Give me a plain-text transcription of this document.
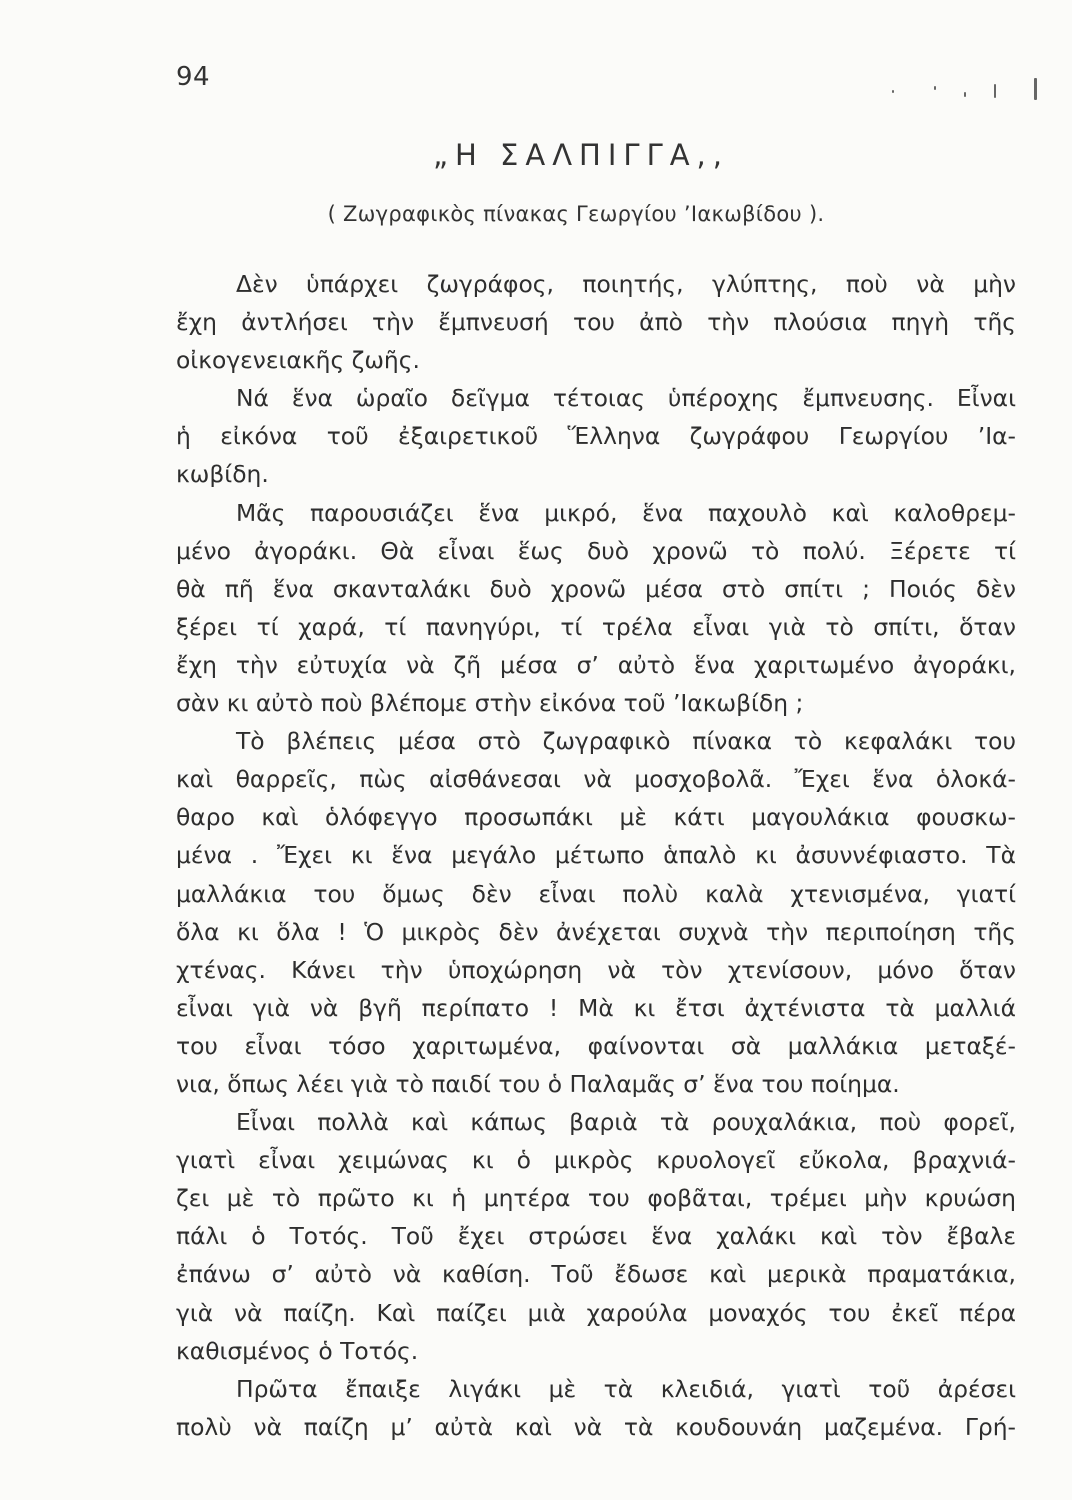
94
„Η ΣΑΛΠΙΓΓΑ,,
( Ζωγραφικὸς πίνακας Γεωργίου ’Ιακωβίδου ).
Δὲν ὑπάρχει ζωγράφος, ποιητής, γλύπτης, ποὺ νὰ μὴν
ἔχη ἀντλήσει τὴν ἔμπνευσή του ἀπὸ τὴν πλούσια πηγὴ τῆς
οἰκογενειακῆς ζωῆς.
Νά ἕνα ὡραῖο δεῖγμα τέτοιας ὑπέροχης ἔμπνευσης. Εἶναι
ἡ εἰκόνα τοῦ ἐξαιρετικοῦ Ἕλληνα ζωγράφου Γεωργίου ’Ια-
κωβίδη.
Μᾶς παρουσιάζει ἕνα μικρό, ἕνα παχουλὸ καὶ καλοθρεμ-
μένο ἀγοράκι. Θὰ εἶναι ἕως δυὸ χρονῶ τὸ πολύ. Ξέρετε τί
θὰ πῆ ἕνα σκανταλάκι δυὸ χρονῶ μέσα στὸ σπίτι ; Ποιός δὲν
ξέρει τί χαρά, τί πανηγύρι, τί τρέλα εἶναι γιὰ τὸ σπίτι, ὅταν
ἔχη τὴν εὐτυχία νὰ ζῆ μέσα σ’ αὐτὸ ἕνα χαριτωμένο ἀγοράκι,
σὰν κι αὐτὸ ποὺ βλέπομε στὴν εἰκόνα τοῦ ’Ιακωβίδη ;
Τὸ βλέπεις μέσα στὸ ζωγραφικὸ πίνακα τὸ κεφαλάκι του
καὶ θαρρεῖς, πὼς αἰσθάνεσαι νὰ μοσχοβολᾶ. Ἔχει ἕνα ὁλοκά-
θαρο καὶ ὁλόφεγγο προσωπάκι μὲ κάτι μαγουλάκια φουσκω-
μένα . Ἔχει κι ἕνα μεγάλο μέτωπο ἁπαλὸ κι ἀσυννέφιαστο. Τὰ
μαλλάκια του ὅμως δὲν εἶναι πολὺ καλὰ χτενισμένα, γιατί
ὅλα κι ὅλα ! Ὁ μικρὸς δὲν ἀνέχεται συχνὰ τὴν περιποίηση τῆς
χτένας. Κάνει τὴν ὑποχώρηση νὰ τὸν χτενίσουν, μόνο ὅταν
εἶναι γιὰ νὰ βγῆ περίπατο ! Μὰ κι ἔτσι ἀχτένιστα τὰ μαλλιά
του εἶναι τόσο χαριτωμένα, φαίνονται σὰ μαλλάκια μεταξέ-
νια, ὅπως λέει γιὰ τὸ παιδί του ὁ Παλαμᾶς σ’ ἕνα του ποίημα.
Εἶναι πολλὰ καὶ κάπως βαριὰ τὰ ρουχαλάκια, ποὺ φορεῖ,
γιατὶ εἶναι χειμώνας κι ὁ μικρὸς κρυολογεῖ εὔκολα, βραχνιά-
ζει μὲ τὸ πρῶτο κι ἡ μητέρα του φοβᾶται, τρέμει μὴν κρυώση
πάλι ὁ Τοτός. Τοῦ ἔχει στρώσει ἕνα χαλάκι καὶ τὸν ἔβαλε
ἐπάνω σ’ αὐτὸ νὰ καθίση. Τοῦ ἔδωσε καὶ μερικὰ πραματάκια,
γιὰ νὰ παίζη. Καὶ παίζει μιὰ χαρούλα μοναχός του ἐκεῖ πέρα
καθισμένος ὁ Τοτός.
Πρῶτα ἔπαιξε λιγάκι μὲ τὰ κλειδιά, γιατὶ τοῦ ἀρέσει
πολὺ νὰ παίζη μ’ αὐτὰ καὶ νὰ τὰ κουδουνάη μαζεμένα. Γρή-
